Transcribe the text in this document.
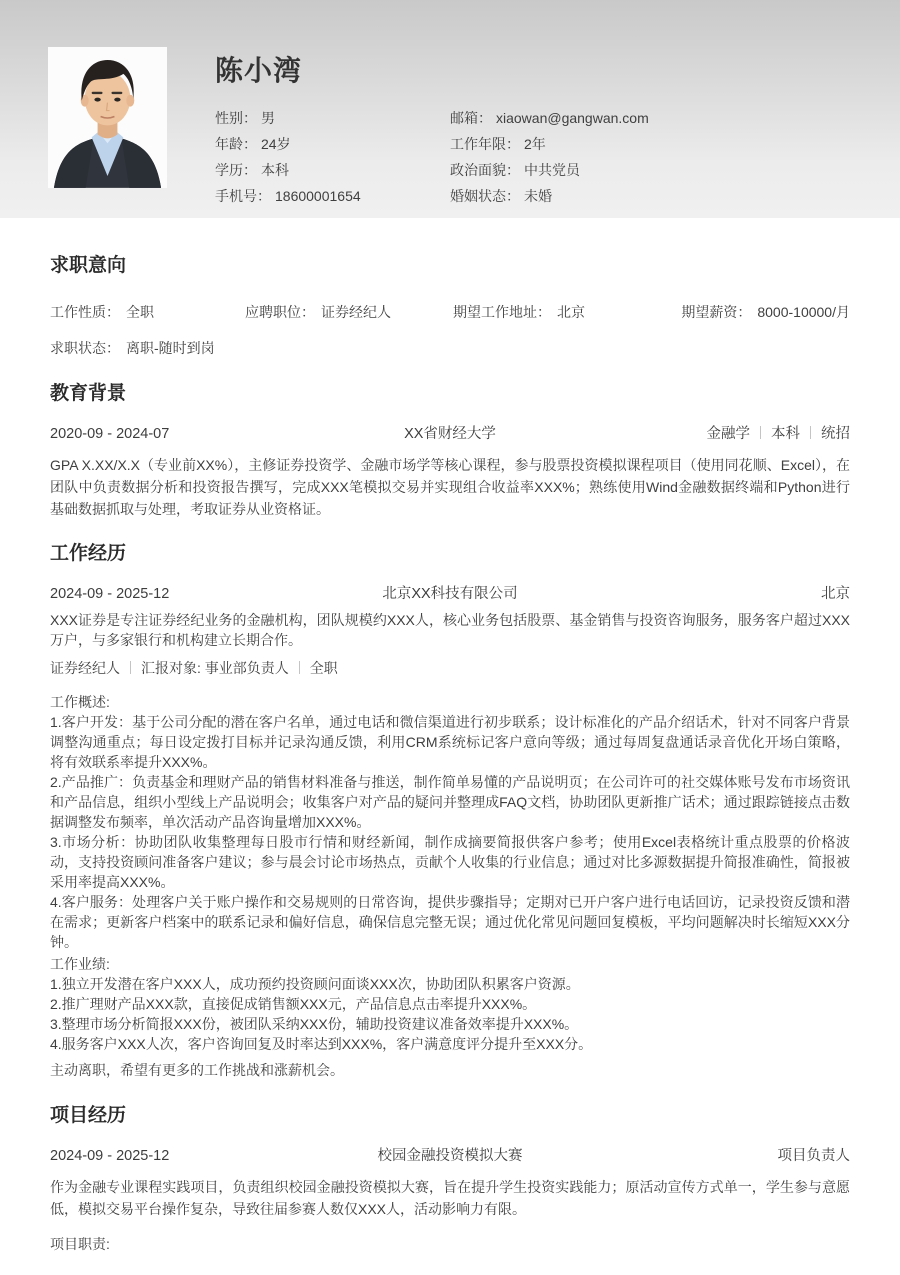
陈小湾
性别： 男
年龄： 24岁
学历： 本科
手机号： 18600001654
邮箱： xiaowan@gangwan.com
工作年限： 2年
政治面貌： 中共党员
婚姻状态： 未婚
求职意向
工作性质： 全职	应聘职位： 证券经纪人	期望工作地址： 北京	期望薪资： 8000-10000/月
求职状态： 离职-随时到岗
教育背景
2020-09 - 2024-07	XX省财经大学	金融学 本科 统招
GPA X.XX/X.X（专业前XX%），主修证券投资学、金融市场学等核心课程，参与股票投资模拟课程项目（使用同花顺、Excel），在团队中负责数据分析和投资报告撰写，完成XXX笔模拟交易并实现组合收益率XXX%；熟练使用Wind金融数据终端和Python进行基础数据抓取与处理，考取证券从业资格证。
工作经历
2024-09 - 2025-12	北京XX科技有限公司	北京
XXX证券是专注证券经纪业务的金融机构，团队规模约XXX人，核心业务包括股票、基金销售与投资咨询服务，服务客户超过XXX万户，与多家银行和机构建立长期合作。
证券经纪人 汇报对象: 事业部负责人 全职
工作概述:
1.客户开发：基于公司分配的潜在客户名单，通过电话和微信渠道进行初步联系；设计标准化的产品介绍话术，针对不同客户背景调整沟通重点；每日设定拨打目标并记录沟通反馈，利用CRM系统标记客户意向等级；通过每周复盘通话录音优化开场白策略，将有效联系率提升XXX%。
2.产品推广：负责基金和理财产品的销售材料准备与推送，制作简单易懂的产品说明页；在公司许可的社交媒体账号发布市场资讯和产品信息，组织小型线上产品说明会；收集客户对产品的疑问并整理成FAQ文档，协助团队更新推广话术；通过跟踪链接点击数据调整发布频率，单次活动产品咨询量增加XXX%。
3.市场分析：协助团队收集整理每日股市行情和财经新闻，制作成摘要简报供客户参考；使用Excel表格统计重点股票的价格波动，支持投资顾问准备客户建议；参与晨会讨论市场热点，贡献个人收集的行业信息；通过对比多源数据提升简报准确性，简报被采用率提高XXX%。
4.客户服务：处理客户关于账户操作和交易规则的日常咨询，提供步骤指导；定期对已开户客户进行电话回访，记录投资反馈和潜在需求；更新客户档案中的联系记录和偏好信息，确保信息完整无误；通过优化常见问题回复模板，平均问题解决时长缩短XXX分钟。
工作业绩:
1.独立开发潜在客户XXX人，成功预约投资顾问面谈XXX次，协助团队积累客户资源。
2.推广理财产品XXX款，直接促成销售额XXX元，产品信息点击率提升XXX%。
3.整理市场分析简报XXX份，被团队采纳XXX份，辅助投资建议准备效率提升XXX%。
4.服务客户XXX人次，客户咨询回复及时率达到XXX%，客户满意度评分提升至XXX分。
主动离职，希望有更多的工作挑战和涨薪机会。
项目经历
2024-09 - 2025-12	校园金融投资模拟大赛	项目负责人
作为金融专业课程实践项目，负责组织校园金融投资模拟大赛，旨在提升学生投资实践能力；原活动宣传方式单一，学生参与意愿低，模拟交易平台操作复杂，导致往届参赛人数仅XXX人，活动影响力有限。
项目职责:
